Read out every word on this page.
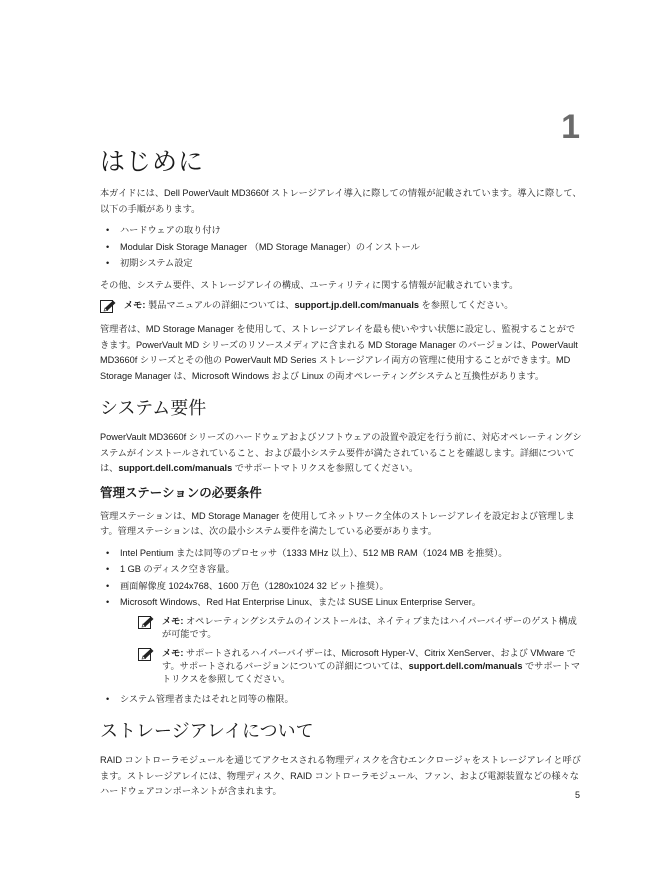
1
はじめに

本ガイドには、Dell PowerVault MD3660f ストレージアレイ導入に際しての情報が記載されています。導入に際して、以下の手順があります。

• ハードウェアの取り付け
• Modular Disk Storage Manager （MD Storage Manager）のインストール
• 初期システム設定

その他、システム要件、ストレージアレイの構成、ユーティリティに関する情報が記載されています。

メモ: 製品マニュアルの詳細については、support.jp.dell.com/manuals を参照してください。

管理者は、MD Storage Manager を使用して、ストレージアレイを最も使いやすい状態に設定し、監視することができます。PowerVault MD シリーズのリソースメディアに含まれる MD Storage Manager のバージョンは、PowerVault MD3660f シリーズとその他の PowerVault MD Series ストレージアレイ両方の管理に使用することができます。MD Storage Manager は、Microsoft Windows および Linux の両オペレーティングシステムと互換性があります。

システム要件

PowerVault MD3660f シリーズのハードウェアおよびソフトウェアの設置や設定を行う前に、対応オペレーティングシステムがインストールされていること、および最小システム要件が満たされていることを確認します。詳細については、support.dell.com/manuals でサポートマトリクスを参照してください。

管理ステーションの必要条件

管理ステーションは、MD Storage Manager を使用してネットワーク全体のストレージアレイを設定および管理します。管理ステーションは、次の最小システム要件を満たしている必要があります。

• Intel Pentium または同等のプロセッサ（1333 MHz 以上）、512 MB RAM（1024 MB を推奨）。
• 1 GB のディスク空き容量。
• 画面解像度 1024x768、1600 万色（1280x1024 32 ビット推奨）。
• Microsoft Windows、Red Hat Enterprise Linux、または SUSE Linux Enterprise Server。
メモ: オペレーティングシステムのインストールは、ネイティブまたはハイパーバイザーのゲスト構成が可能です。
メモ: サポートされるハイパーバイザーは、Microsoft Hyper-V、Citrix XenServer、および VMware です。サポートされるバージョンについての詳細については、support.dell.com/manuals でサポートマトリクスを参照してください。
• システム管理者またはそれと同等の権限。
ストレージアレイについて

RAID コントローラモジュールを通じてアクセスされる物理ディスクを含むエンクロージャをストレージアレイと呼びます。ストレージアレイには、物理ディスク、RAID コントローラモジュール、ファン、および電源装置などの様々なハードウェアコンポーネントが含まれます。	5
